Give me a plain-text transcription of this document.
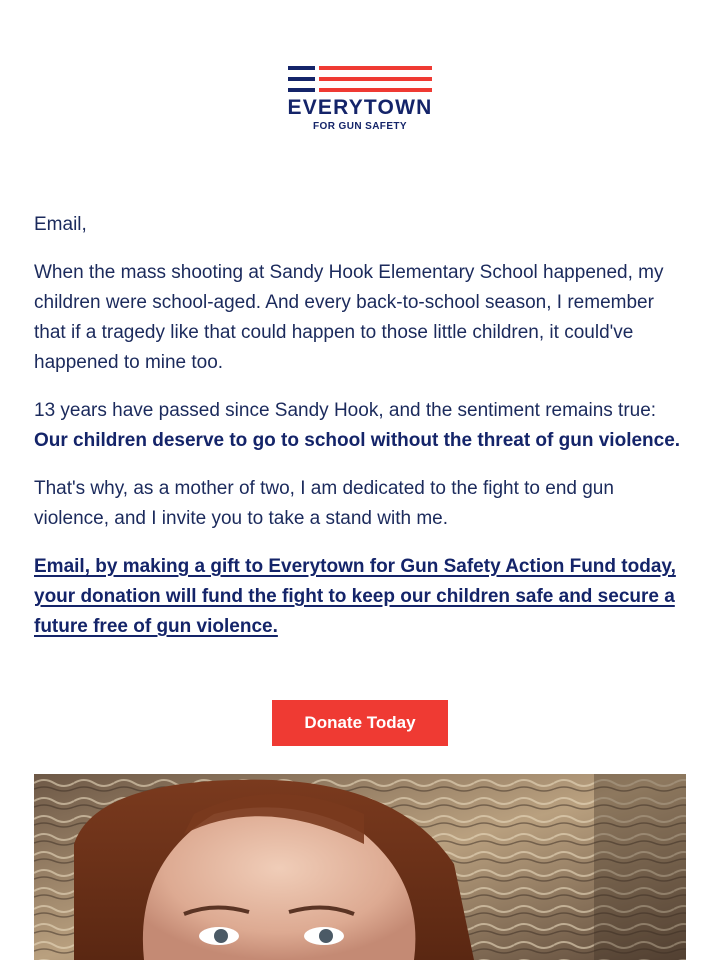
EVERYTOWN
FOR GUN SAFETY

Email,

When the mass shooting at Sandy Hook Elementary School happened, my children were school-aged. And every back-to-school season, I remember that if a tragedy like that could happen to those little children, it could've happened to mine too.

13 years have passed since Sandy Hook, and the sentiment remains true: Our children deserve to go to school without the threat of gun violence.

That's why, as a mother of two, I am dedicated to the fight to end gun violence, and I invite you to take a stand with me.

Email, by making a gift to Everytown for Gun Safety Action Fund today, your donation will fund the fight to keep our children safe and secure a future free of gun violence.

Donate Today
